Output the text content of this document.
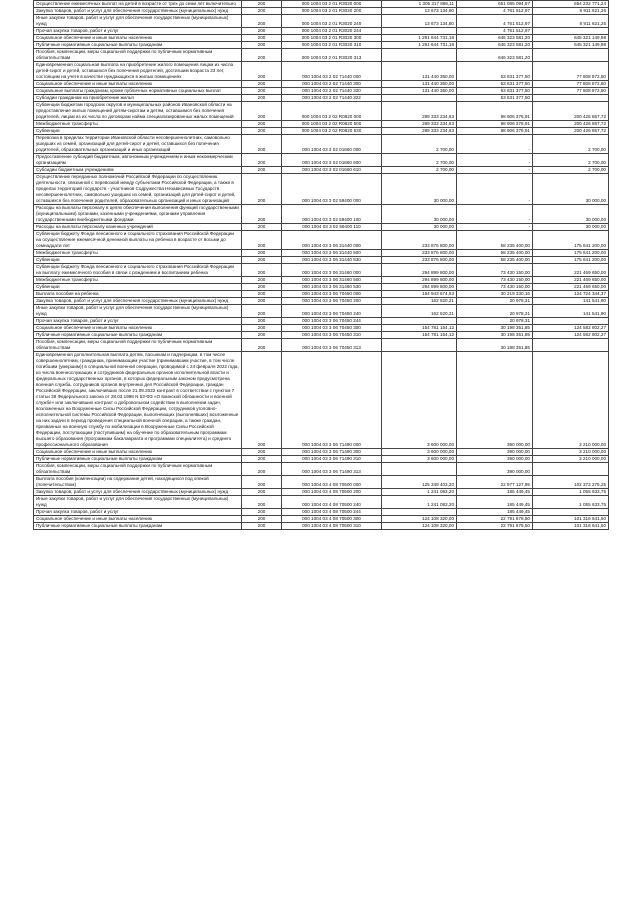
Осуществление ежемесячных выплат на детей в возрасте от трех до семи лет включительно	200	000 1004 03 2 01 R3020 000	1 305 317 886,11	651 085 094,87	654 232 771,24
Закупка товаров, работ и услуг для обеспечения государственных (муниципальных) нужд	200	000 1004 03 2 01 R3020 200	13 673 134,80	4 761 512,97	8 911 621,26
Иные закупки товаров, работ и услуг для обеспечения государственных (муниципальных) нужд	200	000 1004 03 2 01 R3020 240	13 673 134,80	4 761 512,97	8 911 621,26
Прочая закупка товаров, работ и услуг	200	000 1004 03 2 01 R3020 244		4 761 512,97	
Социальное обеспечение и иные выплаты населению	200	000 1004 03 2 01 R3020 300	1 291 644 731,18	646 323 581,20	645 321 149,98
Публичные нормативные социальные выплаты гражданам	200	000 1004 03 2 01 R3020 310	1 291 644 731,18	646 323 581,20	645 321 149,98
Пособия, компенсации, меры социальной поддержки по публичным нормативным обязательствам	200	000 1004 03 2 01 R3020 313		646 323 581,20	
Единовременная социальная выплата на приобретение жилого помещения лицам из числа детей-сирот и детей, оставшихся без попечения родителей, достигшим возраста 23 лет, состоящим на учете в качестве нуждающихся в жилых помещениях	200	000 1004 03 2 02 71440 000	131 440 350,00	53 631 377,50	77 808 972,50
Социальное обеспечение и иные выплаты населению	200	000 1004 03 2 02 71440 300	131 440 350,00	53 631 377,50	77 808 972,50
Социальные выплаты гражданам, кроме публичных нормативных социальных выплат	200	000 1004 03 2 02 71440 320	131 440 350,00	53 631 377,50	77 808 972,50
Субсидии гражданам на приобретение жилья	200	000 1004 03 2 02 71440 322		53 631 377,50	
Субвенции бюджетам городских округов и муниципальных районов Ивановской области на предоставление жилых помещений детям-сиротам и детям, оставшимся без попечения родителей, лицам из их числа по договорам найма специализированных жилых помещений	200	000 1004 03 2 02 R0820 000	289 333 234,63	88 906 376,91	200 426 857,72
Межбюджетные трансферты	200	000 1004 03 2 02 R0820 500	289 333 234,63	88 906 376,91	200 426 857,72
Субвенции	200	000 1004 03 2 02 R0820 530	289 333 234,63	88 906 376,91	200 426 857,72
Перевозка в пределах территории Ивановской области несовершеннолетних, самовольно ушедших из семей, организаций для детей-сирот и детей, оставшихся без попечения родителей, образовательных организаций и иных организаций	200	000 1004 03 3 02 01660 000	2 700,00	-	2 700,00
Предоставление субсидий бюджетным, автономным учреждениям и иным некоммерческим организациям	200	000 1004 03 3 02 01660 600	2 700,00	-	2 700,00
Субсидии бюджетным учреждениям	200	000 1004 03 3 02 01660 610	2 700,00	-	2 700,00
Осуществление переданных полномочий Российской Федерации по осуществлению деятельности, связанной с перевозкой между субъектами Российской Федерации, а также в пределах территорий государств - участников Содружества Независимых Государств несовершеннолетних, самовольно ушедших из семей, организаций для детей-сирот и детей, оставшихся без попечения родителей, образовательных организаций и иных организаций	200	000 1004 03 3 02 59400 000	30 000,00	-	30 000,00
Расходы на выплаты персоналу в целях обеспечения выполнения функций государственными (муниципальными) органами, казенными учреждениями, органами управления государственными внебюджетными фондами	200	000 1004 03 3 02 59400 100	30 000,00	-	30 000,00
Расходы на выплаты персоналу казенных учреждений	200	000 1004 03 3 02 59400 110	30 000,00	-	30 000,00
Субвенции бюджету Фонда пенсионного и социального страхования Российской Федерации на осуществление ежемесячной денежной выплаты на ребенка в возрасте от восьми до семнадцати лет	200	000 1004 03 3 06 31440 000	233 876 800,00	58 235 400,00	175 641 200,00
Межбюджетные трансферты	200	000 1004 03 3 06 31440 500	233 876 800,00	58 235 400,00	175 641 200,00
Субвенции	200	000 1004 03 3 06 31440 530	233 876 800,00	58 235 400,00	175 641 200,00
Субвенции бюджету Фонда пенсионного и социального страхования Российской Федерации на выплату ежемесячного пособия в связи с рождением и воспитанием ребенка	200	000 1004 03 3 06 31460 000	294 899 800,00	73 430 150,00	221 469 650,00
Межбюджетные трансферты	200	000 1004 03 3 06 31460 500	294 899 800,00	73 430 150,00	221 469 650,00
Субвенции	200	000 1004 03 3 06 31460 530	294 899 800,00	73 430 150,00	221 469 650,00
Выплата пособия на ребенка	200	000 1004 03 3 06 70450 000	154 943 674,53	30 219 330,16	124 724 344,37
Закупка товаров, работ и услуг для обеспечения государственных (муниципальных) нужд	200	000 1004 03 3 06 70450 200	162 520,21	20 978,31	141 541,90
Иные закупки товаров, работ и услуг для обеспечения государственных (муниципальных) нужд	200	000 1004 03 3 06 70450 240	162 520,21	20 978,31	141 541,90
Прочая закупка товаров, работ и услуг	200	000 1004 03 3 06 70450 244		20 978,31	
Социальное обеспечение и иные выплаты населению	200	000 1004 03 3 06 70450 300	154 781 154,12	30 198 351,85	124 582 802,27
Публичные нормативные социальные выплаты гражданам	200	000 1004 03 3 06 70450 310	154 781 154,12	30 198 351,85	124 582 802,27
Пособия, компенсации, меры социальной поддержки по публичным нормативным обязательствам	200	000 1004 03 3 06 70450 313		30 198 351,85	
Единовременная дополнительная выплата детям, пасынкам и падчерицам, в том числе совершеннолетним, гражданам, принимающим участие (принимавшим участие, в том числе погибшим (умершим)) в специальной военной операции, проводимой с 24 февраля 2022 года, из числа военнослужащих и сотрудников федеральных органов исполнительной власти и федеральных государственных органов, в которых федеральным законом предусмотрена военная служба, сотрудников органов внутренних дел Российской Федерации, граждан Российской Федерации, заключивших после 21.09.2022 контракт в соответствии с пунктом 7 статьи 38 Федерального закона от 28.03.1998 N 53-ФЗ «О воинской обязанности и военной службе» или заключивших контракт о добровольном содействии в выполнении задач, возложенных на Вооруженные Силы Российской Федерации, сотрудников уголовно-исполнительной системы Российской Федерации, выполняющих (выполнявших) возложенные на них задачи в период проведения специальной военной операции, а также граждан, призванных на военную службу по мобилизации в Вооруженные Силы Российской Федерации, поступающим (поступившим) на обучение по образовательным программам высшего образования (программам бакалавриата и программам специалитета) и среднего профессионального образования	200	000 1004 03 3 06 71490 000	3 600 000,00	390 000,00	3 210 000,00
Социальное обеспечение и иные выплаты населению	200	000 1004 03 3 06 71490 300	3 600 000,00	390 000,00	3 210 000,00
Публичные нормативные социальные выплаты гражданам	200	000 1004 03 3 06 71490 310	3 600 000,00	390 000,00	3 210 000,00
Пособия, компенсации, меры социальной поддержки по публичным нормативным обязательствам	200	000 1004 03 3 06 71490 313		390 000,00	
Выплата пособия (компенсации) на содержание детей, находящихся под опекой (попечительством)	200	000 1004 03 4 08 70500 000	125 349 403,20	22 977 127,95	102 372 275,25
Закупка товаров, работ и услуг для обеспечения государственных (муниципальных) нужд	200	000 1004 03 4 08 70500 200	1 241 083,20	185 449,45	1 055 633,75
Иные закупки товаров, работ и услуг для обеспечения государственных (муниципальных) нужд	200	000 1004 03 4 08 70500 240	1 241 083,20	185 449,45	1 055 633,75
Прочая закупка товаров, работ и услуг	200	000 1004 03 4 08 70500 244		185 449,45	
Социальное обеспечение и иные выплаты населению	200	000 1004 03 4 08 70500 300	124 108 320,00	22 791 678,50	101 316 641,50
Публичные нормативные социальные выплаты гражданам	200	000 1004 03 4 08 70500 310	124 108 320,00	22 791 678,50	101 316 641,50
